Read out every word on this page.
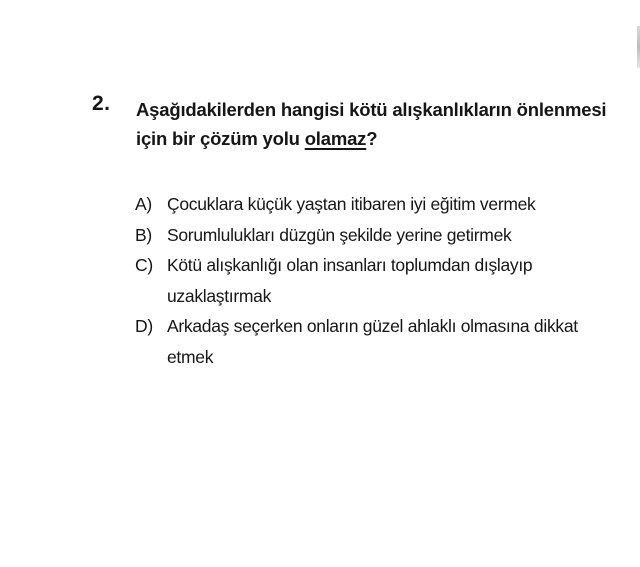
2. Aşağıdakilerden hangisi kötü alışkanlıkların önlenmesi için bir çözüm yolu olamaz?
A) Çocuklara küçük yaştan itibaren iyi eğitim vermek
B) Sorumlulukları düzgün şekilde yerine getirmek
C) Kötü alışkanlığı olan insanları toplumdan dışlayıp uzaklaştırmak
D) Arkadaş seçerken onların güzel ahlaklı olmasına dikkat etmek
